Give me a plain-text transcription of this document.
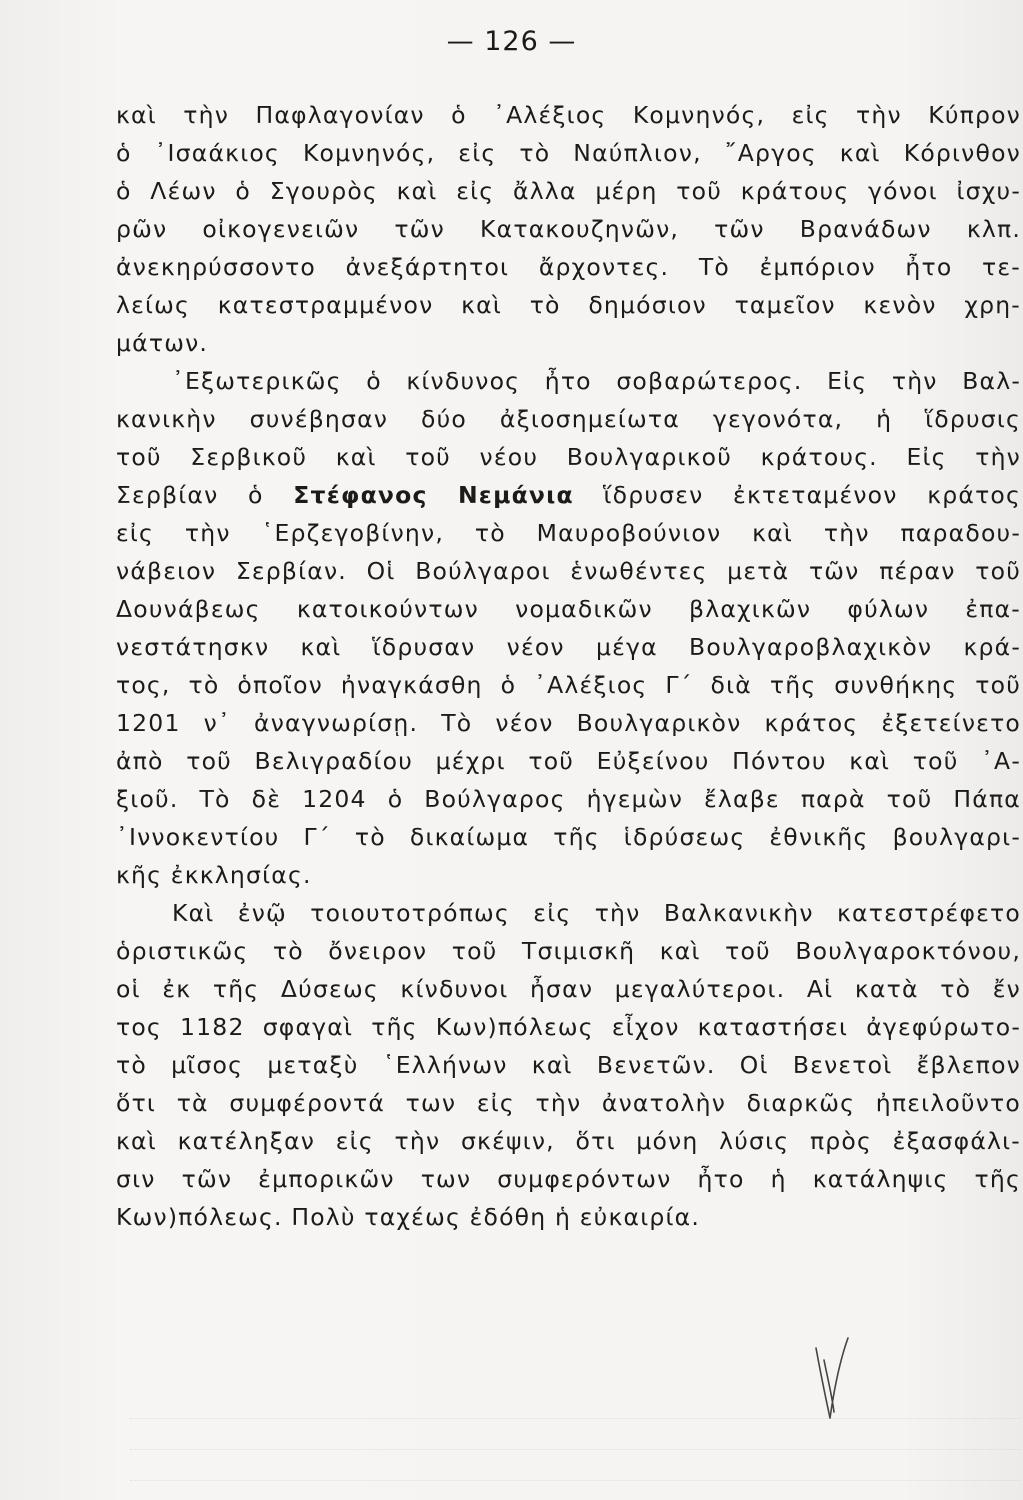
— 126 —
καὶ τὴν Παφλαγονίαν ὁ ᾿Αλέξιος Κομνηνός, εἰς τὴν Κύπρον
ὁ ᾿Ισαάκιος Κομνηνός, εἰς τὸ Ναύπλιον, ῎Αργος καὶ Κόρινθον
ὁ Λέων ὁ Σγουρὸς καὶ εἰς ἄλλα μέρη τοῦ κράτους γόνοι ἰσχυ-
ρῶν οἰκογενειῶν τῶν Κατακουζηνῶν, τῶν Βρανάδων κλπ.
ἀνεκηρύσσοντο ἀνεξάρτητοι ἄρχοντες. Τὸ ἐμπόριον ἦτο τε-
λείως κατεστραμμένον καὶ τὸ δημόσιον ταμεῖον κενὸν χρη-
μάτων.
᾿Εξωτερικῶς ὁ κίνδυνος ἦτο σοβαρώτερος. Εἰς τὴν Βαλ-
κανικὴν συνέβησαν δύο ἀξιοσημείωτα γεγονότα, ἡ ἵδρυσις
τοῦ Σερβικοῦ καὶ τοῦ νέου Βουλγαρικοῦ κράτους. Εἰς τὴν
Σερβίαν ὁ Στέφανος Νεμάνια ἵδρυσεν ἐκτεταμένον κράτος
εἰς τὴν ῾Ερζεγοβίνην, τὸ Μαυροβούνιον καὶ τὴν παραδου-
νάβειον Σερβίαν. Οἱ Βούλγαροι ἑνωθέντες μετὰ τῶν πέραν τοῦ
Δουνάβεως κατοικούντων νομαδικῶν βλαχικῶν φύλων ἐπα-
νεστάτησκν καὶ ἵδρυσαν νέον μέγα Βουλγαροβλαχικὸν κρά-
τος, τὸ ὁποῖον ἠναγκάσθη ὁ ᾿Αλέξιος Γ´ διὰ τῆς συνθήκης τοῦ
1201 ν᾿ ἀναγνωρίσῃ. Τὸ νέον Βουλγαρικὸν κράτος ἐξετείνετο
ἀπὸ τοῦ Βελιγραδίου μέχρι τοῦ Εὐξείνου Πόντου καὶ τοῦ ᾿Α-
ξιοῦ. Τὸ δὲ 1204 ὁ Βούλγαρος ἡγεμὼν ἔλαβε παρὰ τοῦ Πάπα
᾿Ιννοκεντίου Γ´ τὸ δικαίωμα τῆς ἱδρύσεως ἐθνικῆς βουλγαρι-
κῆς ἐκκλησίας.
Καὶ ἐνῷ τοιουτοτρόπως εἰς τὴν Βαλκανικὴν κατεστρέφετο
ὁριστικῶς τὸ ὄνειρον τοῦ Τσιμισκῆ καὶ τοῦ Βουλγαροκτόνου,
οἱ ἐκ τῆς Δύσεως κίνδυνοι ἦσαν μεγαλύτεροι. Αἱ κατὰ τὸ ἔν
τος 1182 σφαγαὶ τῆς Κων)πόλεως εἶχον καταστήσει ἀγεφύρωτο-
τὸ μῖσος μεταξὺ ῾Ελλήνων καὶ Βενετῶν. Οἱ Βενετοὶ ἔβλεπον
ὅτι τὰ συμφέροντά των εἰς τὴν ἀνατολὴν διαρκῶς ἠπειλοῦντο
καὶ κατέληξαν εἰς τὴν σκέψιν, ὅτι μόνη λύσις πρὸς ἐξασφάλι-
σιν τῶν ἐμπορικῶν των συμφερόντων ἦτο ἡ κατάληψις τῆς
Κων)πόλεως. Πολὺ ταχέως ἐδόθη ἡ εὐκαιρία.
